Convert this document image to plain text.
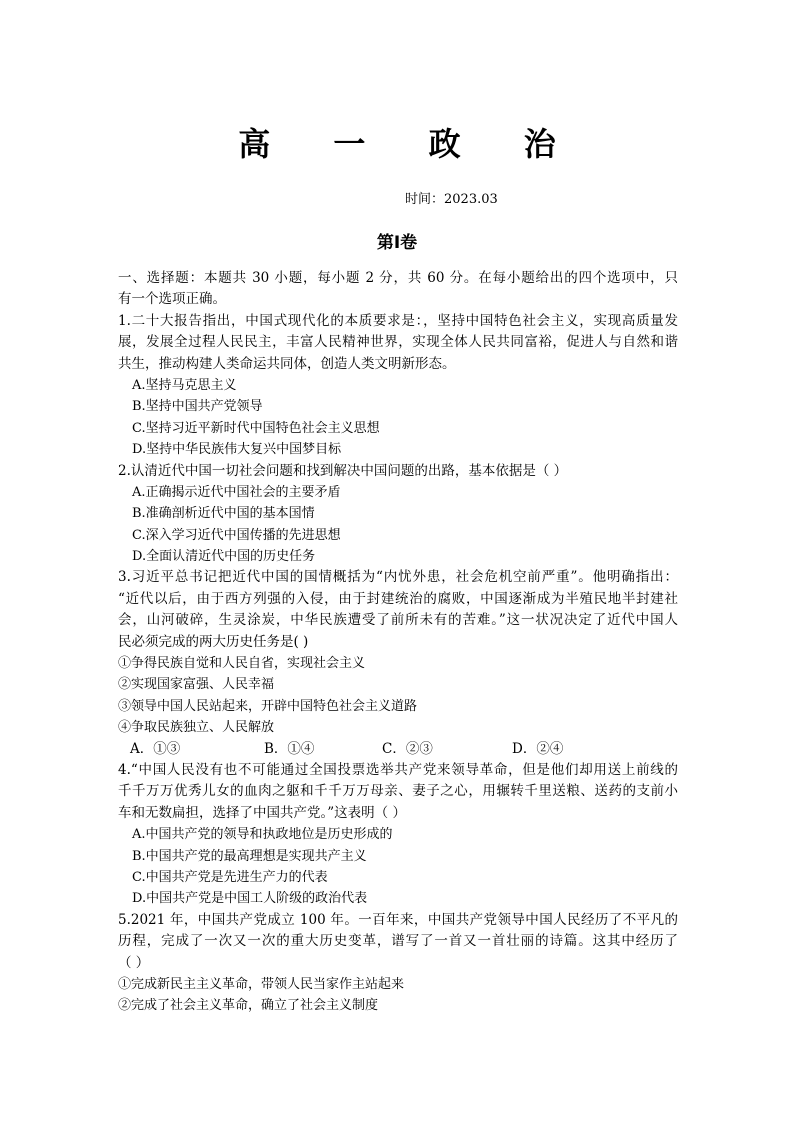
高 一 政 治
时间：2023.03
第Ⅰ卷
一、选择题：本题共 30 小题，每小题 2 分，共 60 分。在每小题给出的四个选项中，只
有一个选项正确。
1.二十大报告指出，中国式现代化的本质要求是：，坚持中国特色社会主义，实现高质量发
展，发展全过程人民民主，丰富人民精神世界，实现全体人民共同富裕，促进人与自然和谐
共生，推动构建人类命运共同体，创造人类文明新形态。
A.坚持马克思主义
B.坚持中国共产党领导
C.坚持习近平新时代中国特色社会主义思想
D.坚持中华民族伟大复兴中国梦目标
2.认清近代中国一切社会问题和找到解决中国问题的出路，基本依据是（ ）
A.正确揭示近代中国社会的主要矛盾
B.准确剖析近代中国的基本国情
C.深入学习近代中国传播的先进思想
D.全面认清近代中国的历史任务
3.习近平总书记把近代中国的国情概括为“内忧外患，社会危机空前严重”。他明确指出：
“近代以后，由于西方列强的入侵，由于封建统治的腐败，中国逐渐成为半殖民地半封建社
会，山河破碎，生灵涂炭，中华民族遭受了前所未有的苦难。”这一状况决定了近代中国人
民必须完成的两大历史任务是( )
①争得民族自觉和人民自省，实现社会主义
②实现国家富强、人民幸福
③领导中国人民站起来，开辟中国特色社会主义道路
④争取民族独立、人民解放
A．①③	B．①④	C．②③	D．②④
4.“中国人民没有也不可能通过全国投票选举共产党来领导革命，但是他们却用送上前线的
千千万万优秀儿女的血肉之躯和千千万万母亲、妻子之心，用辗转千里送粮、送药的支前小
车和无数扁担，选择了中国共产党。”这表明（ ）
A.中国共产党的领导和执政地位是历史形成的
B.中国共产党的最高理想是实现共产主义
C.中国共产党是先进生产力的代表
D.中国共产党是中国工人阶级的政治代表
5.2021 年，中国共产党成立 100 年。一百年来，中国共产党领导中国人民经历了不平凡的
历程，完成了一次又一次的重大历史变革，谱写了一首又一首壮丽的诗篇。这其中经历了
（ ）
①完成新民主主义革命，带领人民当家作主站起来
②完成了社会主义革命，确立了社会主义制度
